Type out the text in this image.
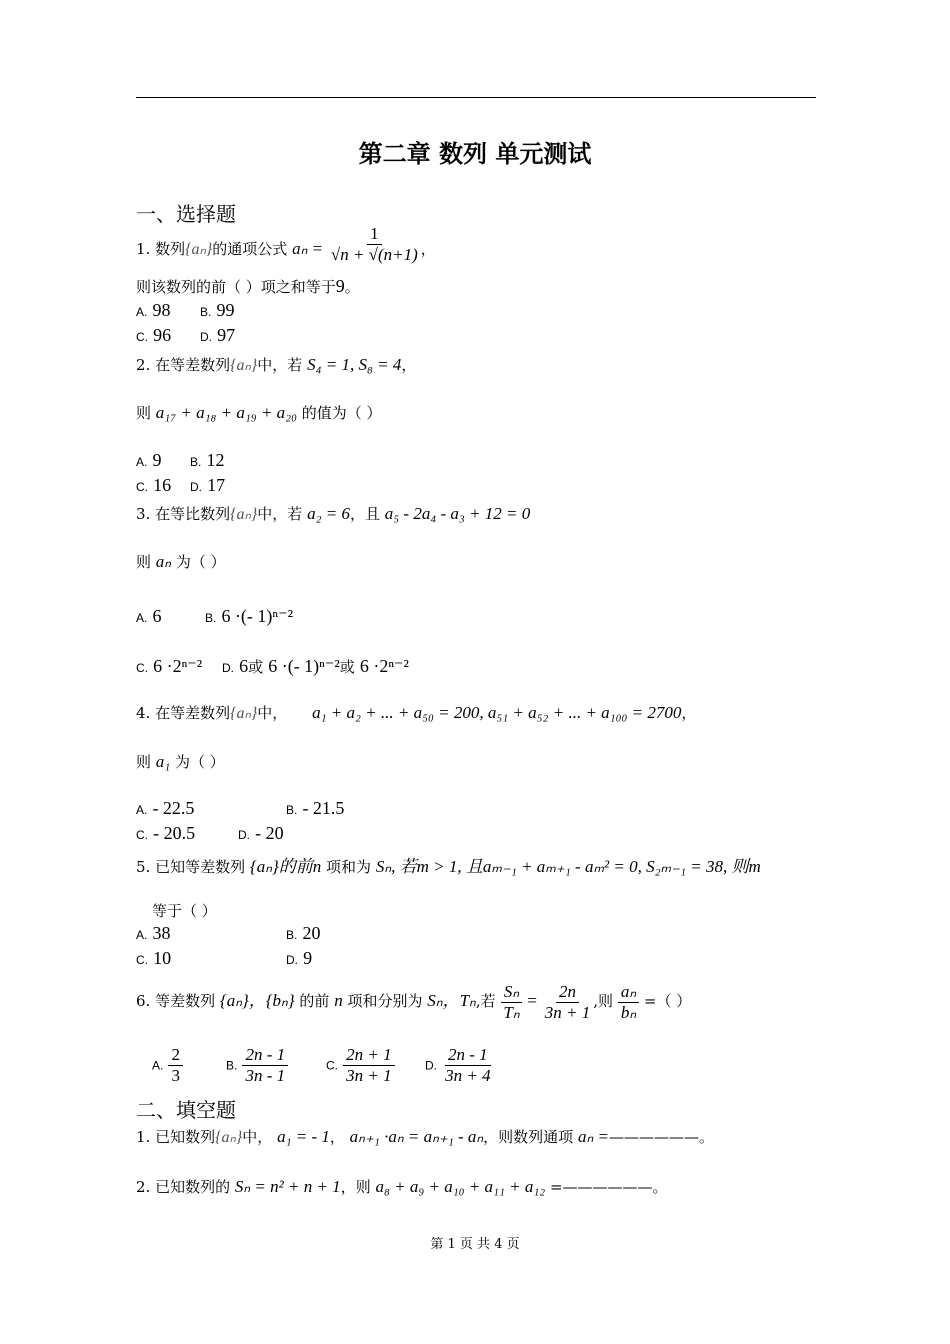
第二章 数列 单元测试
一、选择题
1. 数列{aₙ}的通项公式 $a_n = \frac{1}{√n + √(n+1)}$ ，
则该数列的前（ ）项之和等于9。
A. 98 B. 99
C. 96 D. 97
2. 在等差数列{aₙ}中，若 S₄ = 1, S₈ = 4，
则 a₁₇ + a₁₈ + a₁₉ + a₂₀ 的值为（ ）
A. 9 B. 12
C. 16 D. 17
3. 在等比数列{aₙ}中，若 a₂ = 6，且 a₅ - 2a₄ - a₃ + 12 = 0
则 aₙ 为（ ）
A. 6	B. 6 ·(- 1)ⁿ⁻²
C. 6 ·2ⁿ⁻² D. 6或 6 ·(- 1)ⁿ⁻²或 6 ·2ⁿ⁻²
4. 在等差数列{aₙ}中， a₁ + a₂ + ... + a₅₀ = 200, a₅₁ + a₅₂ + ... + a₁₀₀ = 2700，
则 a₁ 为（ ）
A. - 22.5	B. - 21.5
C. - 20.5	D. - 20
5. 已知等差数列 {aₙ}的前n 项和为 Sₙ, 若m > 1, 且aₘ₋₁ + aₘ₊₁ - aₘ² = 0, S₂ₘ₋₁ = 38, 则m
等于（ ）
A. 38	B. 20
C. 10	D. 9
6. 等差数列 {aₙ}，{bₙ} 的前 n 项和分别为 Sₙ，Tₙ,若 $\frac{\text{Sₙ}}{\text{Tₙ}} = \frac{2n}{3n + 1}$ ,则 $\frac{\text{aₙ}}{\text{bₙ}}$ =（ ）
A. $\frac{2}{3}$	B. $\frac{2n - 1}{3n - 1}$	C. $\frac{2n + 1}{3n + 1}$	D. $\frac{2n - 1}{3n + 4}$
二、填空题
1. 已知数列{aₙ}中， a₁ = - 1， aₙ₊₁ ·aₙ = aₙ₊₁ - aₙ，则数列通项 aₙ =——————。
2. 已知数列的 Sₙ = n² + n + 1，则 a₈ + a₉ + a₁₀ + a₁₁ + a₁₂ =——————。
第 1 页 共 4 页
